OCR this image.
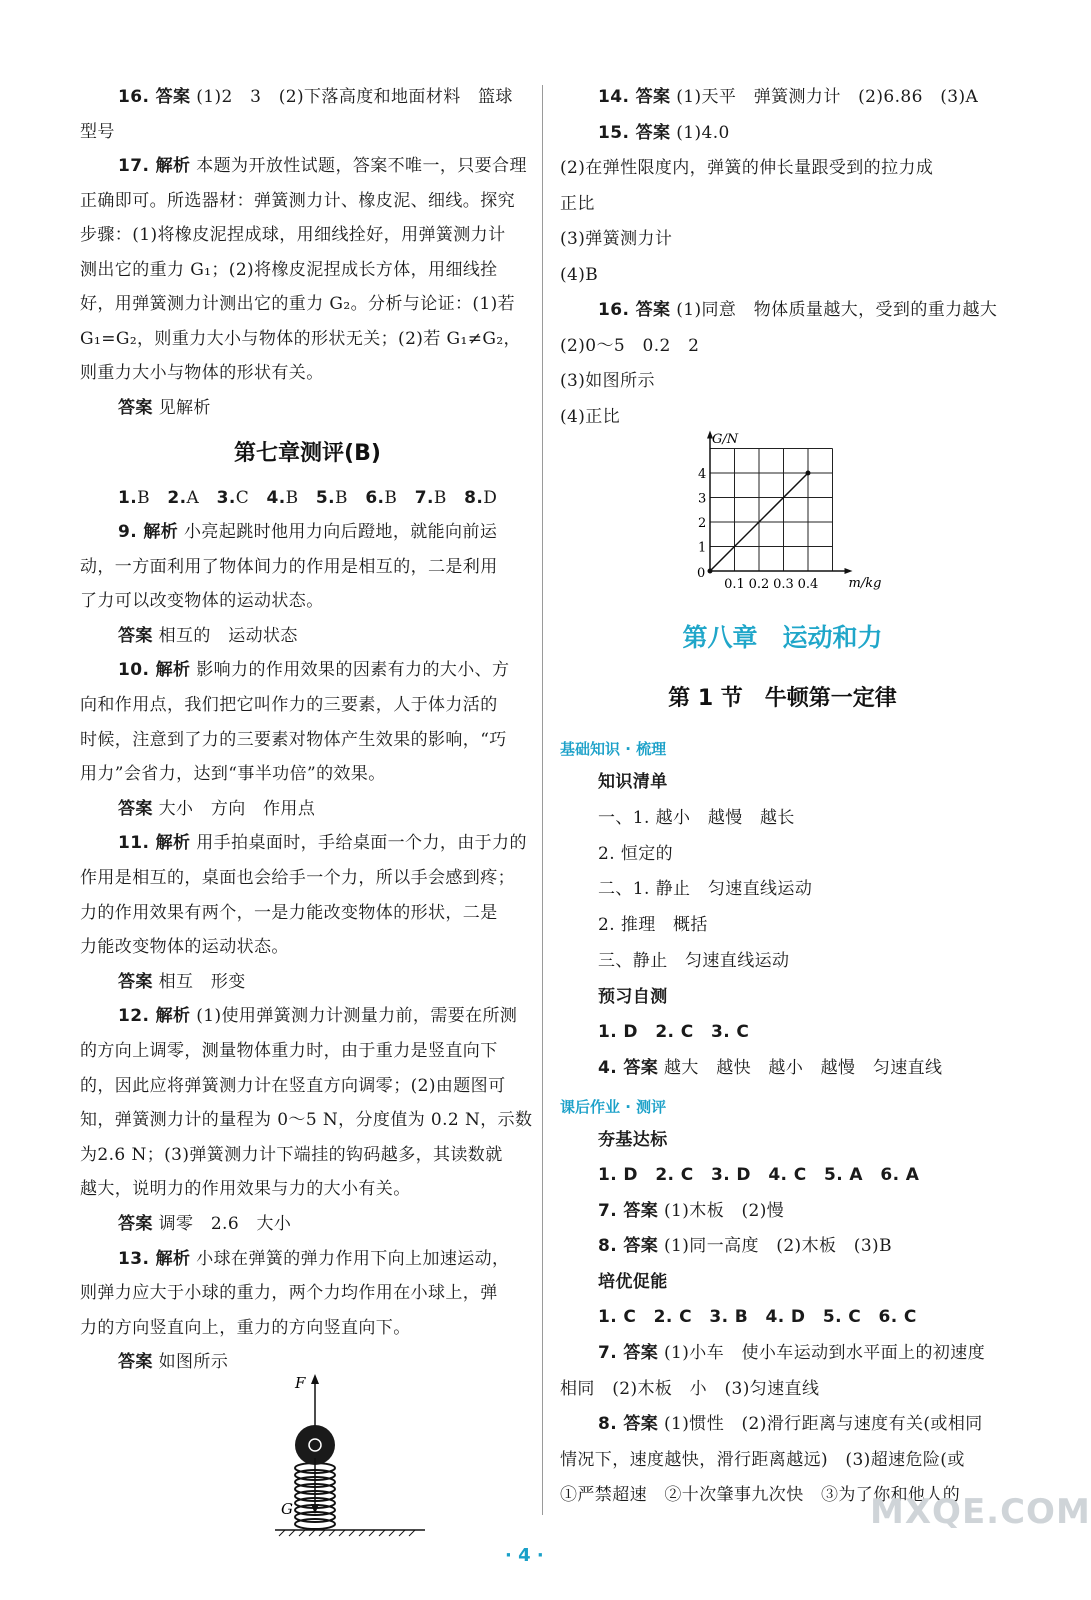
16. 答案 (1)2　3　(2)下落高度和地面材料　篮球
型号
17. 解析 本题为开放性试题，答案不唯一，只要合理
正确即可。所选器材：弹簧测力计、橡皮泥、细线。探究
步骤：(1)将橡皮泥捏成球，用细线拴好，用弹簧测力计
测出它的重力 G₁；(2)将橡皮泥捏成长方体，用细线拴
好，用弹簧测力计测出它的重力 G₂。分析与论证：(1)若
G₁=G₂，则重力大小与物体的形状无关；(2)若 G₁≠G₂，
则重力大小与物体的形状有关。
答案 见解析
第七章测评(B)
1.B  2.A  3.C  4.B  5.B  6.B  7.B  8.D
9. 解析 小亮起跳时他用力向后蹬地，就能向前运
动，一方面利用了物体间力的作用是相互的，二是利用
了力可以改变物体的运动状态。
答案 相互的　运动状态
10. 解析 影响力的作用效果的因素有力的大小、方
向和作用点，我们把它叫作力的三要素，人于体力活的
时候，注意到了力的三要素对物体产生效果的影响，“巧
用力”会省力，达到“事半功倍”的效果。
答案 大小　方向　作用点
11. 解析 用手拍桌面时，手给桌面一个力，由于力的
作用是相互的，桌面也会给手一个力，所以手会感到疼；
力的作用效果有两个，一是力能改变物体的形状，二是
力能改变物体的运动状态。
答案 相互　形变
12. 解析 (1)使用弹簧测力计测量力前，需要在所测
的方向上调零，测量物体重力时，由于重力是竖直向下
的，因此应将弹簧测力计在竖直方向调零；(2)由题图可
知，弹簧测力计的量程为 0～5 N，分度值为 0.2 N，示数
为2.6 N；(3)弹簧测力计下端挂的钩码越多，其读数就
越大，说明力的作用效果与力的大小有关。
答案 调零　2.6　大小
13. 解析 小球在弹簧的弹力作用下向上加速运动，
则弹力应大于小球的重力，两个力均作用在小球上，弹
力的方向竖直向上，重力的方向竖直向下。
答案 如图所示
F
G
14. 答案 (1)天平　弹簧测力计　(2)6.86　(3)A
15. 答案 (1)4.0
(2)在弹性限度内，弹簧的伸长量跟受到的拉力成
正比
(3)弹簧测力计
(4)B
16. 答案 (1)同意　物体质量越大，受到的重力越大
(2)0～5　0.2　2
(3)如图所示
(4)正比
0
0.1 0.2 0.3 0.4
1
2
3
4
G/N
m/kg
第八章　运动和力
第 1 节　牛顿第一定律
基础知识 · 梳理
知识清单
一、1. 越小　越慢　越长
2. 恒定的
二、1. 静止　匀速直线运动
2. 推理　概括
三、静止　匀速直线运动
预习自测
1. D　2. C　3. C
4. 答案 越大　越快　越小　越慢　匀速直线
课后作业 · 测评
夯基达标
1. D　2. C　3. D　4. C　5. A　6. A
7. 答案 (1)木板　(2)慢
8. 答案 (1)同一高度　(2)木板　(3)B
培优促能
1. C　2. C　3. B　4. D　5. C　6. C
7. 答案 (1)小车　使小车运动到水平面上的初速度
相同　(2)木板　小　(3)匀速直线
8. 答案 (1)惯性　(2)滑行距离与速度有关(或相同
情况下，速度越快，滑行距离越远)　(3)超速危险(或
①严禁超速　②十次肇事九次快　③为了你和他人的
· 4 ·
MXQE.COM
